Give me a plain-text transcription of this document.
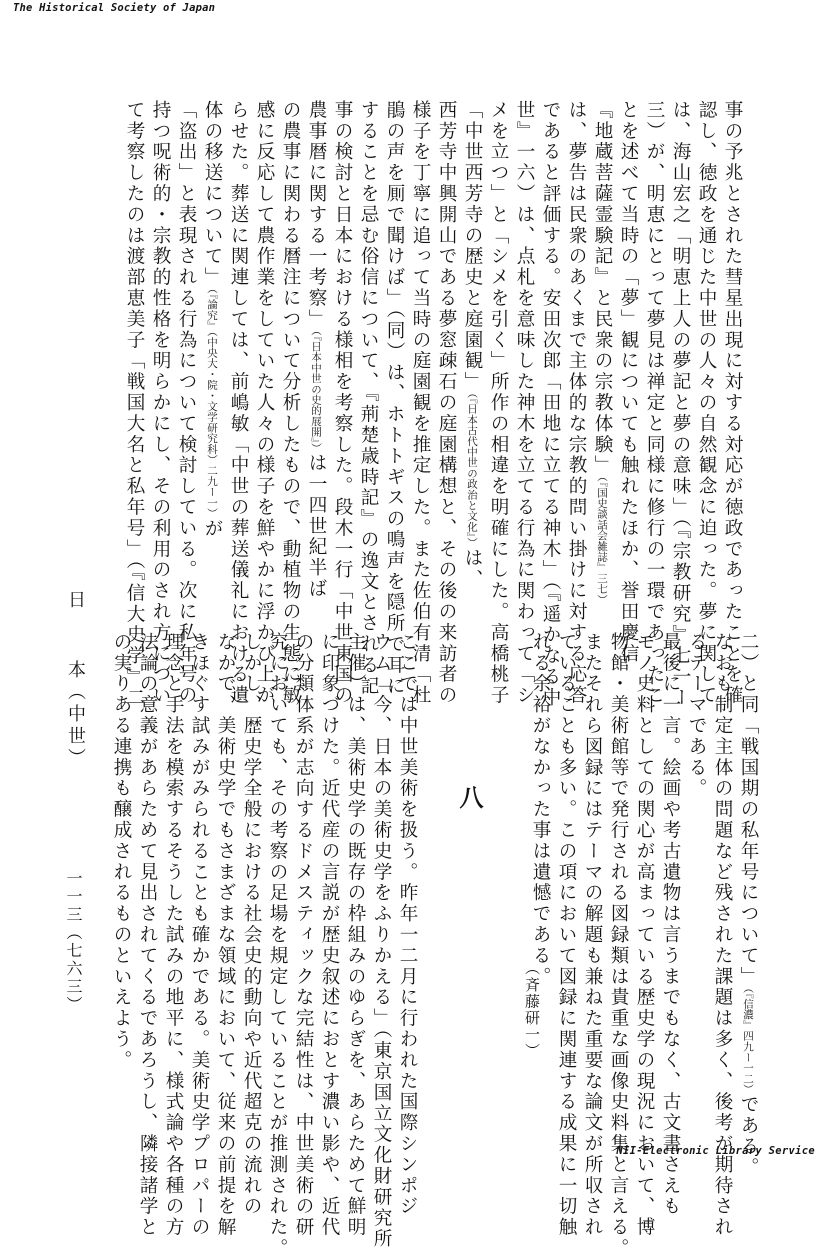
The Historical Society of Japan
事の予兆とされた彗星出現に対する対応が徳政であったことを確
認し、徳政を通じた中世の人々の自然観念に迫った。夢に関して
は、海山宏之「明恵上人の夢記と夢の意味」（『宗教研究』七一ー
三）が、明恵にとって夢見は禅定と同様に修行の一環であったこ
とを述べて当時の「夢」観についても触れたほか、誉田慶信
『地蔵菩薩霊験記』と民衆の宗教体験」（『国史談話会雑誌』三七）
は、夢告は民衆のあくまで主体的な宗教的問い掛けに対する応答
であると評価する。安田次郎「田地に立てる神木」（『遥かなる中
世』一六）は、点札を意味した神木を立てる行為に関わって「シ
メを立つ」と「シメを引く」所作の相違を明確にした。高橋桃子
「中世西芳寺の歴史と庭園観」（『日本古代中世の政治と文化』）は、
西芳寺中興開山である夢窓疎石の庭園構想と、その後の来訪者の
様子を丁寧に追って当時の庭園観を推定した。また佐伯有清「杜
鵑の声を厠で聞けば」（同）は、ホトトギスの鳴声を隠所で耳に
することを忌む俗信について、『荊楚歳時記』の逸文とされる記
事の検討と日本における様相を考察した。段木一行「中世東国の
農事暦に関する一考察」（『日本中世の史的展開』）は一四世紀半ば
の農事に関わる暦注について分析したもので、動植物の生態に敏
感に反応して農作業をしていた人々の様子を鮮やかに浮かび上が
らせた。葬送に関連しては、前嶋敏「中世の葬送儀礼における遺
体の移送について」（『論究』（中央大・院・文学研究科）二九ー一）が
「盗出」と表現される行為について検討している。次に私年号の
持つ呪術的・宗教的性格を明らかにし、その利用のされ方につい
て考察したのは渡部恵美子「戦国大名と私年号」（『信大史学』二
二）と同「戦国期の私年号について」（『信濃』四九ー一二）である。
なおも制定主体の問題など残された課題は多く、後考が期待され
るテーマである。
最後に一言。絵画や考古遺物は言うまでもなく、古文書さえも
モノ史料としての関心が高まっている歴史学の現況において、博
物館・美術館等で発行される図録類は貴重な画像史料集と言える。
またそれら図録にはテーマの解題も兼ねた重要な論文が所収され
ていることも多い。この項において図録に関連する成果に一切触
れる余裕がなかった事は遺憾である。
（斉藤研一）
八
ここでは中世美術を扱う。昨年一二月に行われた国際シンポジ
ウム「今、日本の美術史学をふりかえる」（東京国立文化財研究所
主催）は、美術史学の既存の枠組みのゆらぎを、あらためて鮮明
に印象づけた。近代産の言説が歴史叙述におとす濃い影や、近代
の分類体系が志向するドメスティックな完結性は、中世美術の研
究においても、その考察の足場を規定していることが推測された。
しかし、歴史学全般における社会史的動向や近代超克の流れの
なかで、美術史学でもさまざまな領域において、従来の前提を解
きほぐす試みがみられることも確かである。美術史学プロパーの
理念と手法を模索するそうした試みの地平に、様式論や各種の方
法論の意義があらためて見出されてくるであろうし、隣接諸学と
の実りある連携も醸成されるものといえよう。
日本（中世）
一一三（七六三）
NII-Electronic Library Service
